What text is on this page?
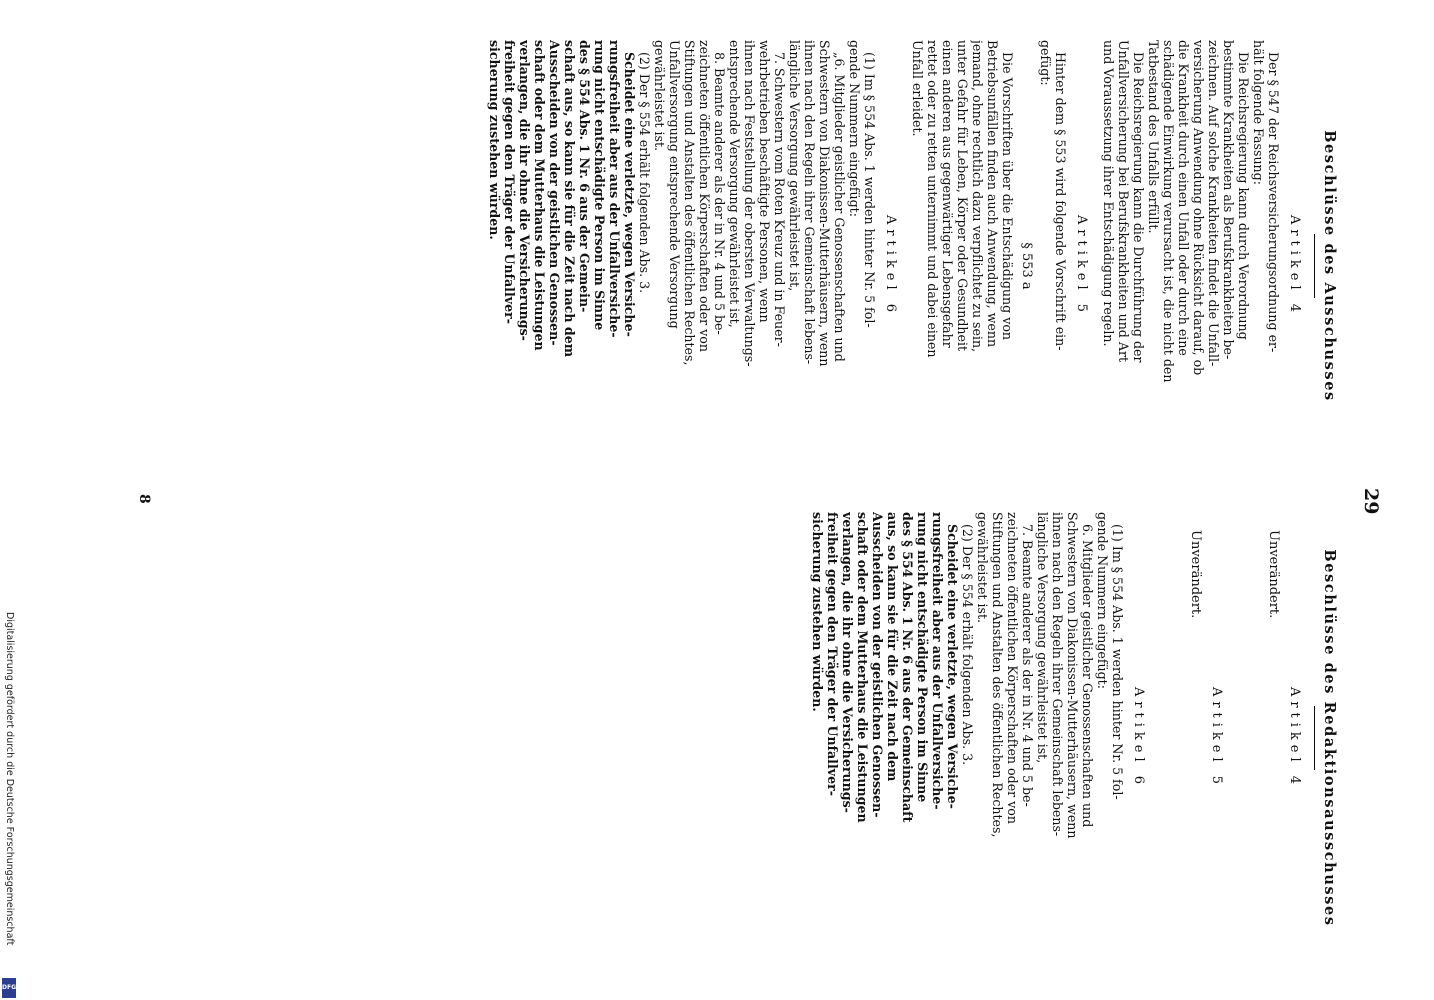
29
Beschlüsse des Ausschusses
Artikel 4
Der § 547 der Reichsversicherungsordnung er-
hält folgende Fassung:
Die Reichsregierung kann durch Verordnung
bestimmte Krankheiten als Berufskrankheiten be-
zeichnen. Auf solche Krankheiten findet die Unfall-
versicherung Anwendung ohne Rücksicht darauf, ob
die Krankheit durch einen Unfall oder durch eine
schädigende Einwirkung verursacht ist, die nicht den
Tatbestand des Unfalls erfüllt.
Die Reichsregierung kann die Durchführung der
Unfallversicherung bei Berufskrankheiten und Art
und Voraussetzung ihrer Entschädigung regeln.
Artikel 5
Hinter dem § 553 wird folgende Vorschrift ein-
gefügt:
§ 553 a
Die Vorschriften über die Entschädigung von
Betriebsunfällen finden auch Anwendung, wenn
jemand, ohne rechtlich dazu verpflichtet zu sein,
unter Gefahr für Leben, Körper oder Gesundheit
einen anderen aus gegenwärtiger Lebensgefahr
rettet oder zu retten unternimmt und dabei einen
Unfall erleidet.
Artikel 6
(1) Im § 554 Abs. 1 werden hinter Nr. 5 fol-
gende Nummern eingefügt:
„6. Mitglieder geistlicher Genossenschaften und
Schwestern von Diakonissen-Mutterhäusern, wenn
ihnen nach den Regeln ihrer Gemeinschaft lebens-
längliche Versorgung gewährleistet ist,
7. Schwestern vom Roten Kreuz und in Feuer-
wehrbetrieben beschäftigte Personen, wenn
ihnen nach Feststellung der obersten Verwaltungs-
entsprechende Versorgung gewährleistet ist,
8. Beamte anderer als der in Nr. 4 und 5 be-
zeichneten öffentlichen Körperschaften oder von
Stiftungen und Anstalten des öffentlichen Rechtes,
Unfallversorgung entsprechende Versorgung
gewährleistet ist.
(2) Der § 554 erhält folgenden Abs. 3.
Scheidet eine verletzte, wegen Versiche-
rungsfreiheit aber aus der Unfallversiche-
rung nicht entschädigte Person im Sinne
des § 554 Abs. 1 Nr. 6 aus der Gemein-
schaft aus, so kann sie für die Zeit nach dem
Ausscheiden von der geistlichen Genossen-
schaft oder dem Mutterhaus die Leistungen
verlangen, die ihr ohne die Versicherungs-
freiheit gegen den Träger der Unfallver-
sicherung zustehen würden.
Beschlüsse des Redaktionsausschusses
Artikel 4
Unverändert.
Artikel 5
Unverändert.
Artikel 6
(1) Im § 554 Abs. 1 werden hinter Nr. 5 fol-
gende Nummern eingefügt:
6. Mitglieder geistlicher Genossenschaften und
Schwestern von Diakonissen-Mutterhäusern, wenn
ihnen nach den Regeln ihrer Gemeinschaft lebens-
längliche Versorgung gewährleistet ist,
7. Beamte anderer als der in Nr. 4 und 5 be-
zeichneten öffentlichen Körperschaften oder von
Stiftungen und Anstalten des öffentlichen Rechtes,
gewährleistet ist.
(2) Der § 554 erhält folgenden Abs. 3.
Scheidet eine verletzte, wegen Versiche-
rungsfreiheit aber aus der Unfallversiche-
rung nicht entschädigte Person im Sinne
des § 554 Abs. 1 Nr. 6 aus der Gemeinschaft
aus, so kann sie für die Zeit nach dem
Ausscheiden von der geistlichen Genossen-
schaft oder dem Mutterhaus die Leistungen
verlangen, die ihr ohne die Versicherungs-
freiheit gegen den Träger der Unfallver-
sicherung zustehen würden.
8
Digitalisierung gefördert durch die Deutsche Forschungsgemeinschaft
DFG
